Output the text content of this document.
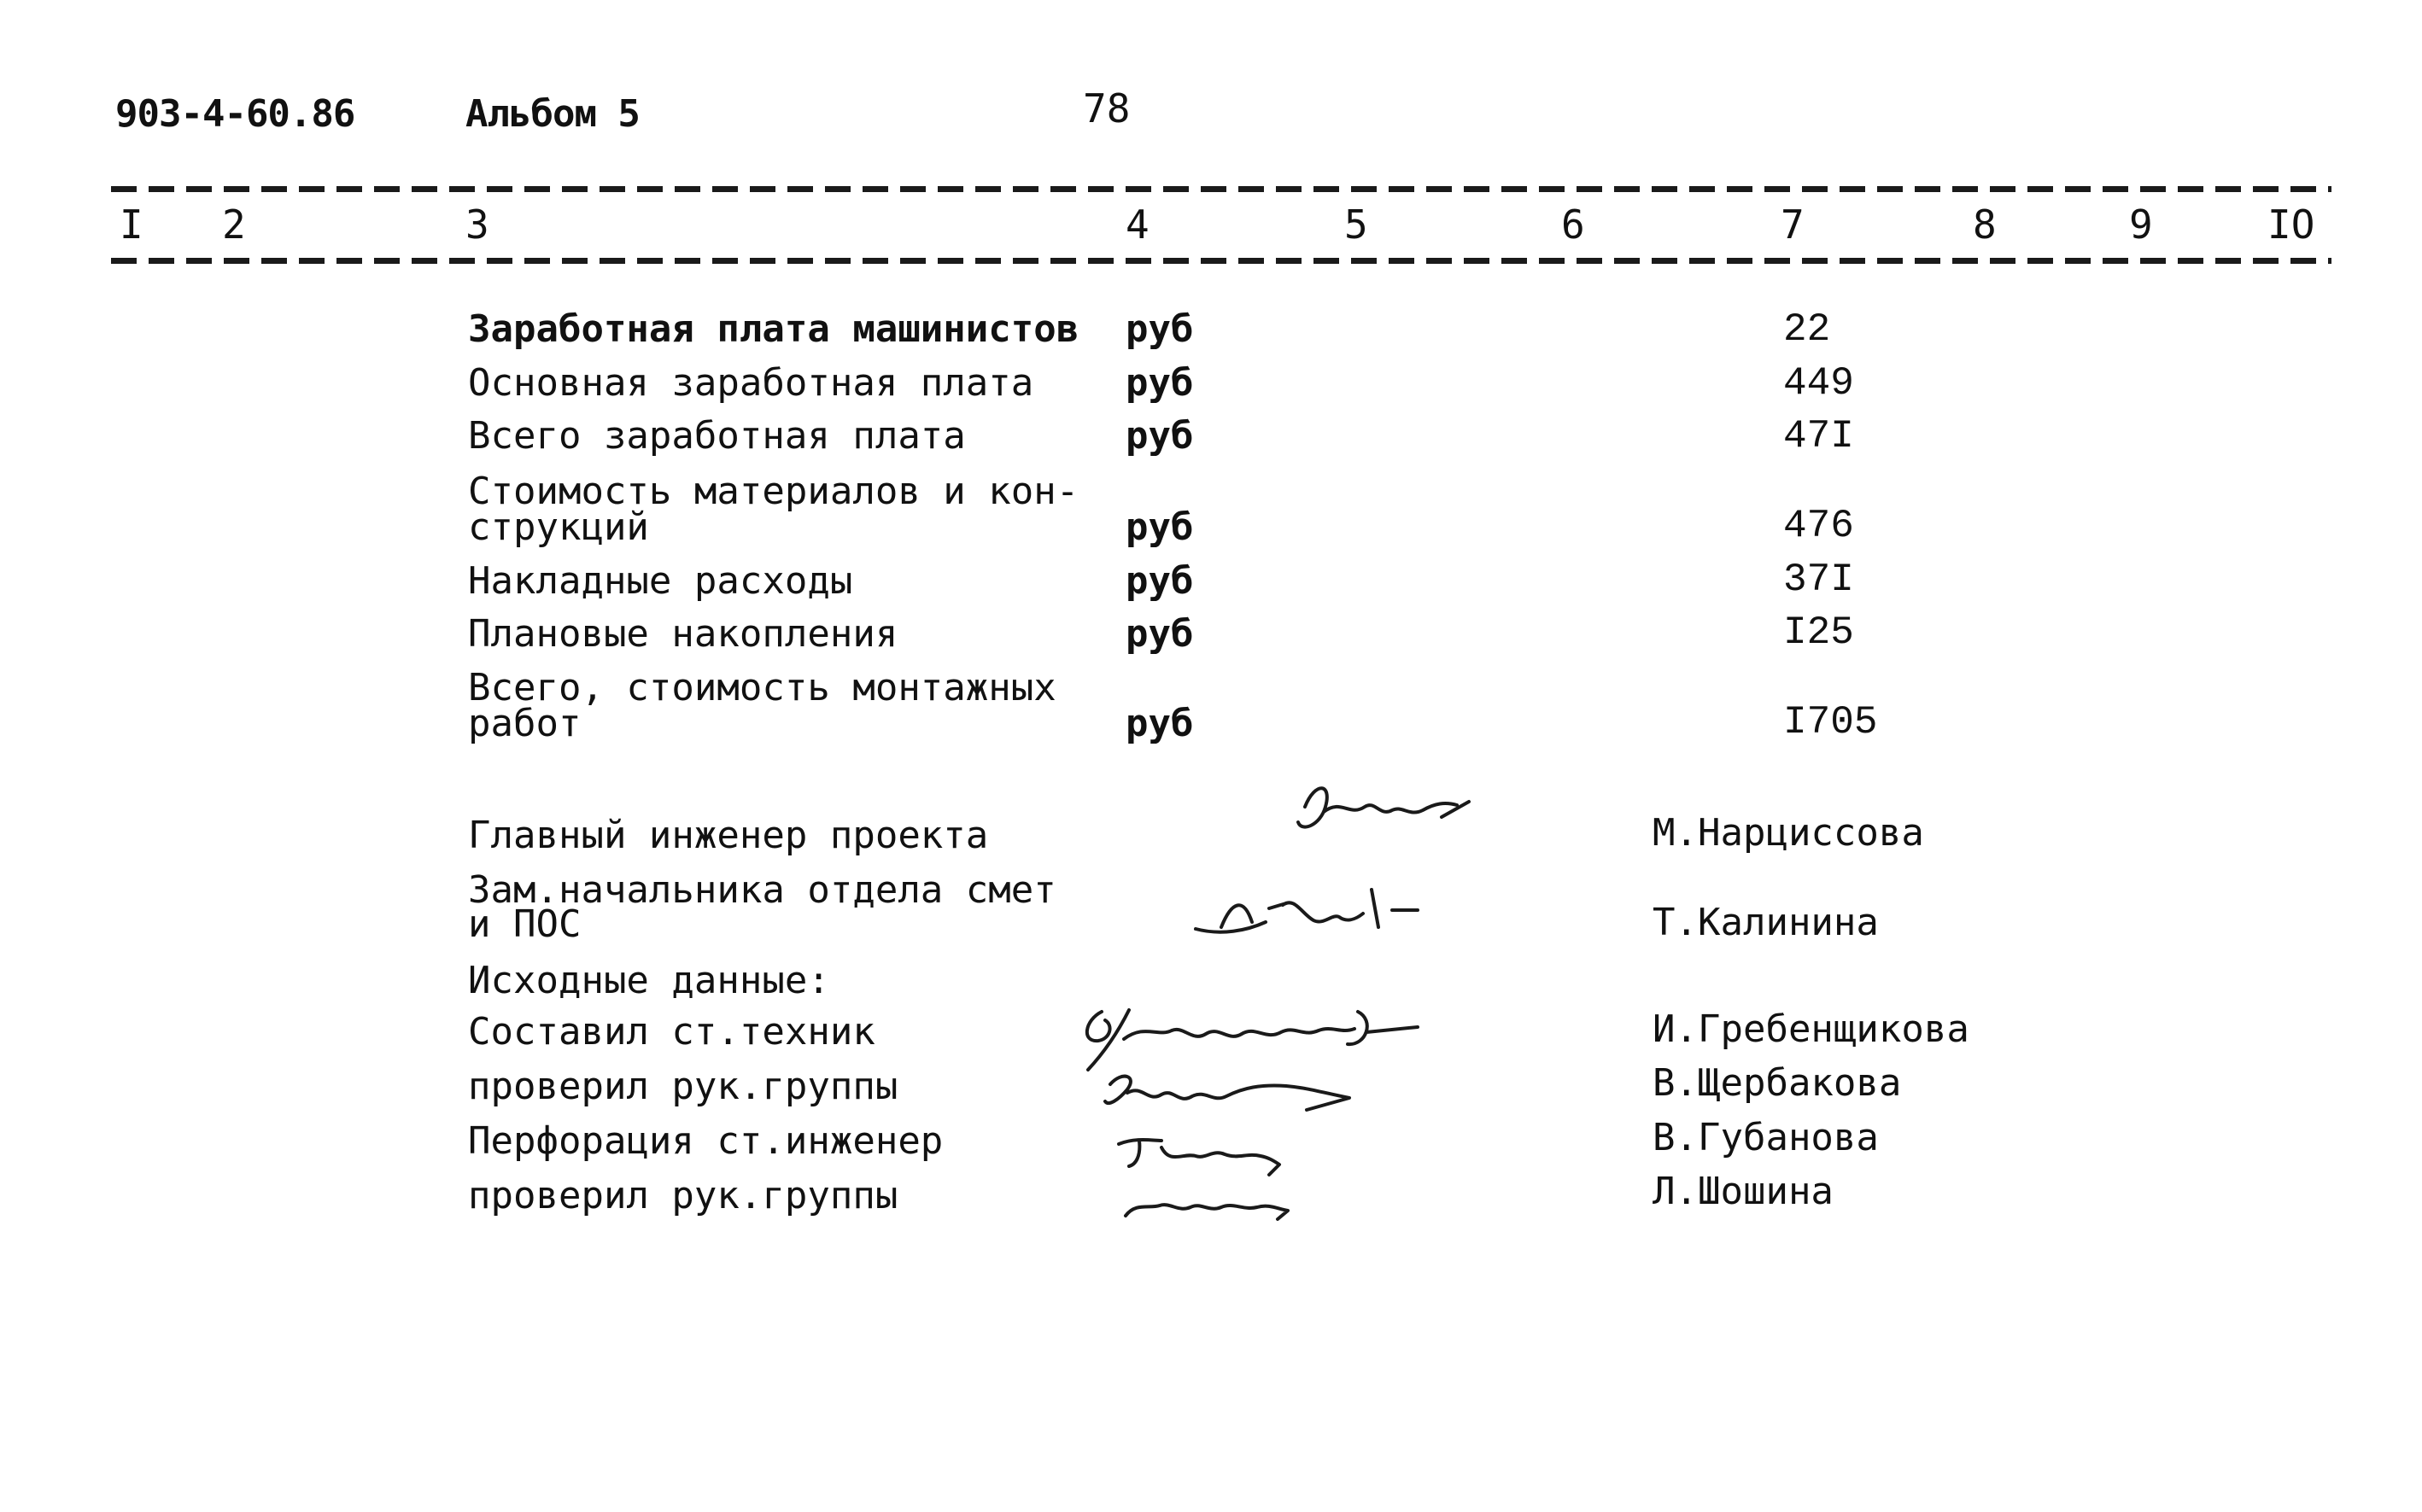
903-4-60.86	Альбом 5	78
I 2	3	4	5	6	7	8	9	IO
Заработная плата машинистов руб	22
Основная заработная плата руб	449
Всего заработная плата	руб	47I
Стоимость материалов и кон-
струкций	руб	476
Накладные расходы	руб	37I
Плановые накопления	руб	I25
Всего, стоимость монтажных
работ	руб	I705
Главный инженер проекта	М.Нарциссова
Зам.начальника отдела смет
и ПОС	Т.Калинина
Исходные данные:
Составил ст.техник	И.Гребенщикова
проверил рук.группы	В.Щербакова
Перфорация ст.инженер	В.Губанова
проверил рук.группы	Л.Шошина
